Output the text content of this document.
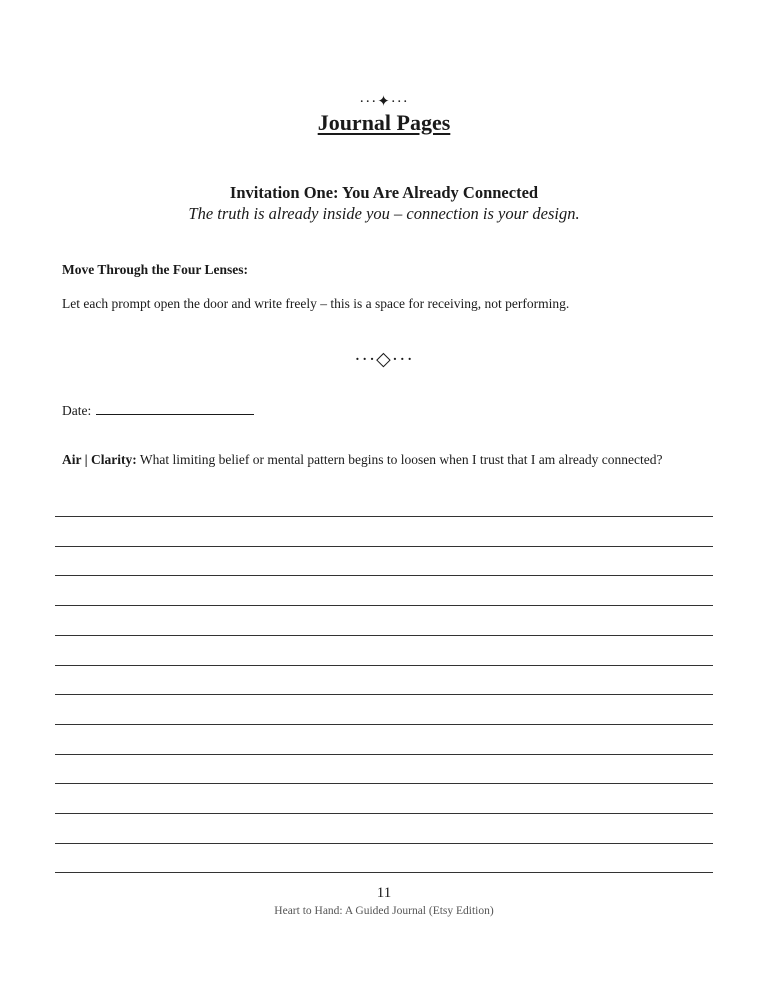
···✦···
Journal Pages
Invitation One: You Are Already Connected
The truth is already inside you – connection is your design.
Move Through the Four Lenses:
Let each prompt open the door and write freely – this is a space for receiving, not performing.
···◇···
Date:
Air | Clarity: What limiting belief or mental pattern begins to loosen when I trust that I am already connected?
11
Heart to Hand: A Guided Journal (Etsy Edition)
